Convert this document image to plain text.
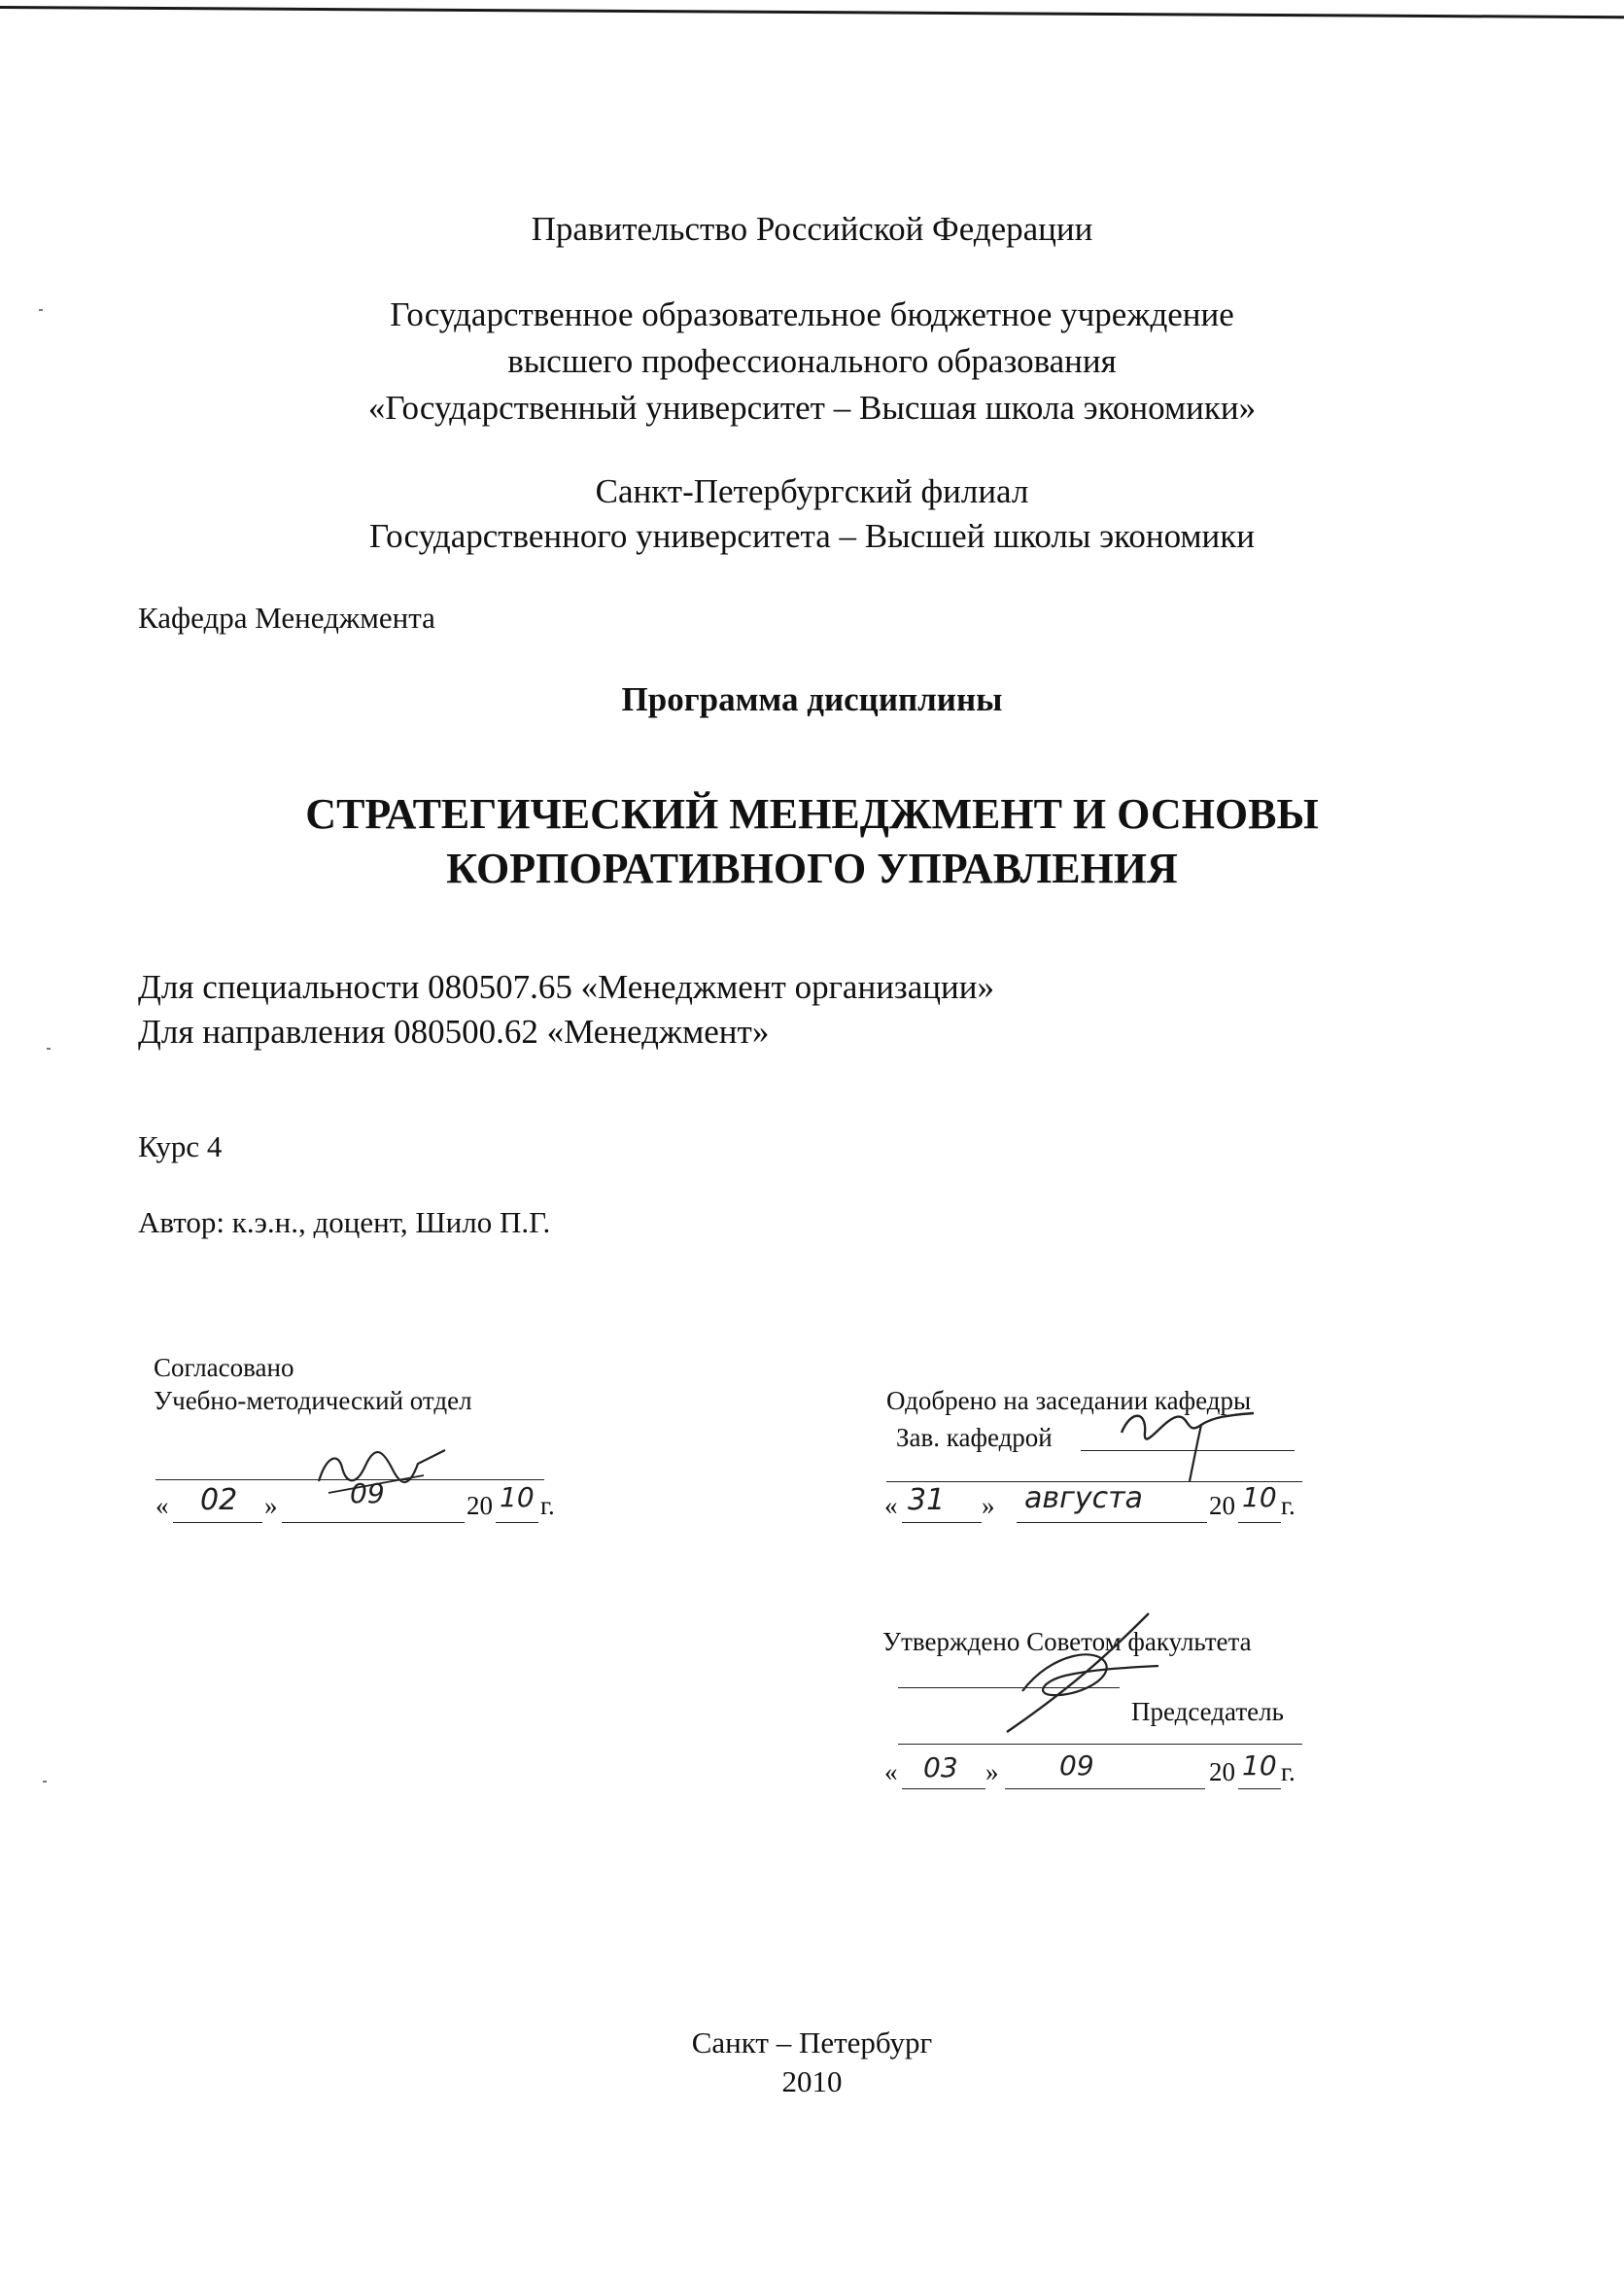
Правительство Российской Федерации

Государственное образовательное бюджетное учреждение

высшего профессионального образования

«Государственный университет – Высшая школа экономики»

Санкт-Петербургский филиал

Государственного университета – Высшей школы экономики

Кафедра Менеджмента

Программа дисциплины

СТРАТЕГИЧЕСКИЙ МЕНЕДЖМЕНТ И ОСНОВЫ

КОРПОРАТИВНОГО УПРАВЛЕНИЯ

Для специальности 080507.65 «Менеджмент организации»

Для направления 080500.62 «Менеджмент»

Курс 4

Автор: к.э.н., доцент, Шило П.Г.

Согласовано

Учебно-методический отдел

« 02 »	09	20 10 г.

Одобрено на заседании кафедры

Зав. кафедрой

« 31 » августа	20 10 г.

Утверждено Советом факультета

Председатель

« 03 » 09	20 10 г.

Санкт – Петербург

2010
